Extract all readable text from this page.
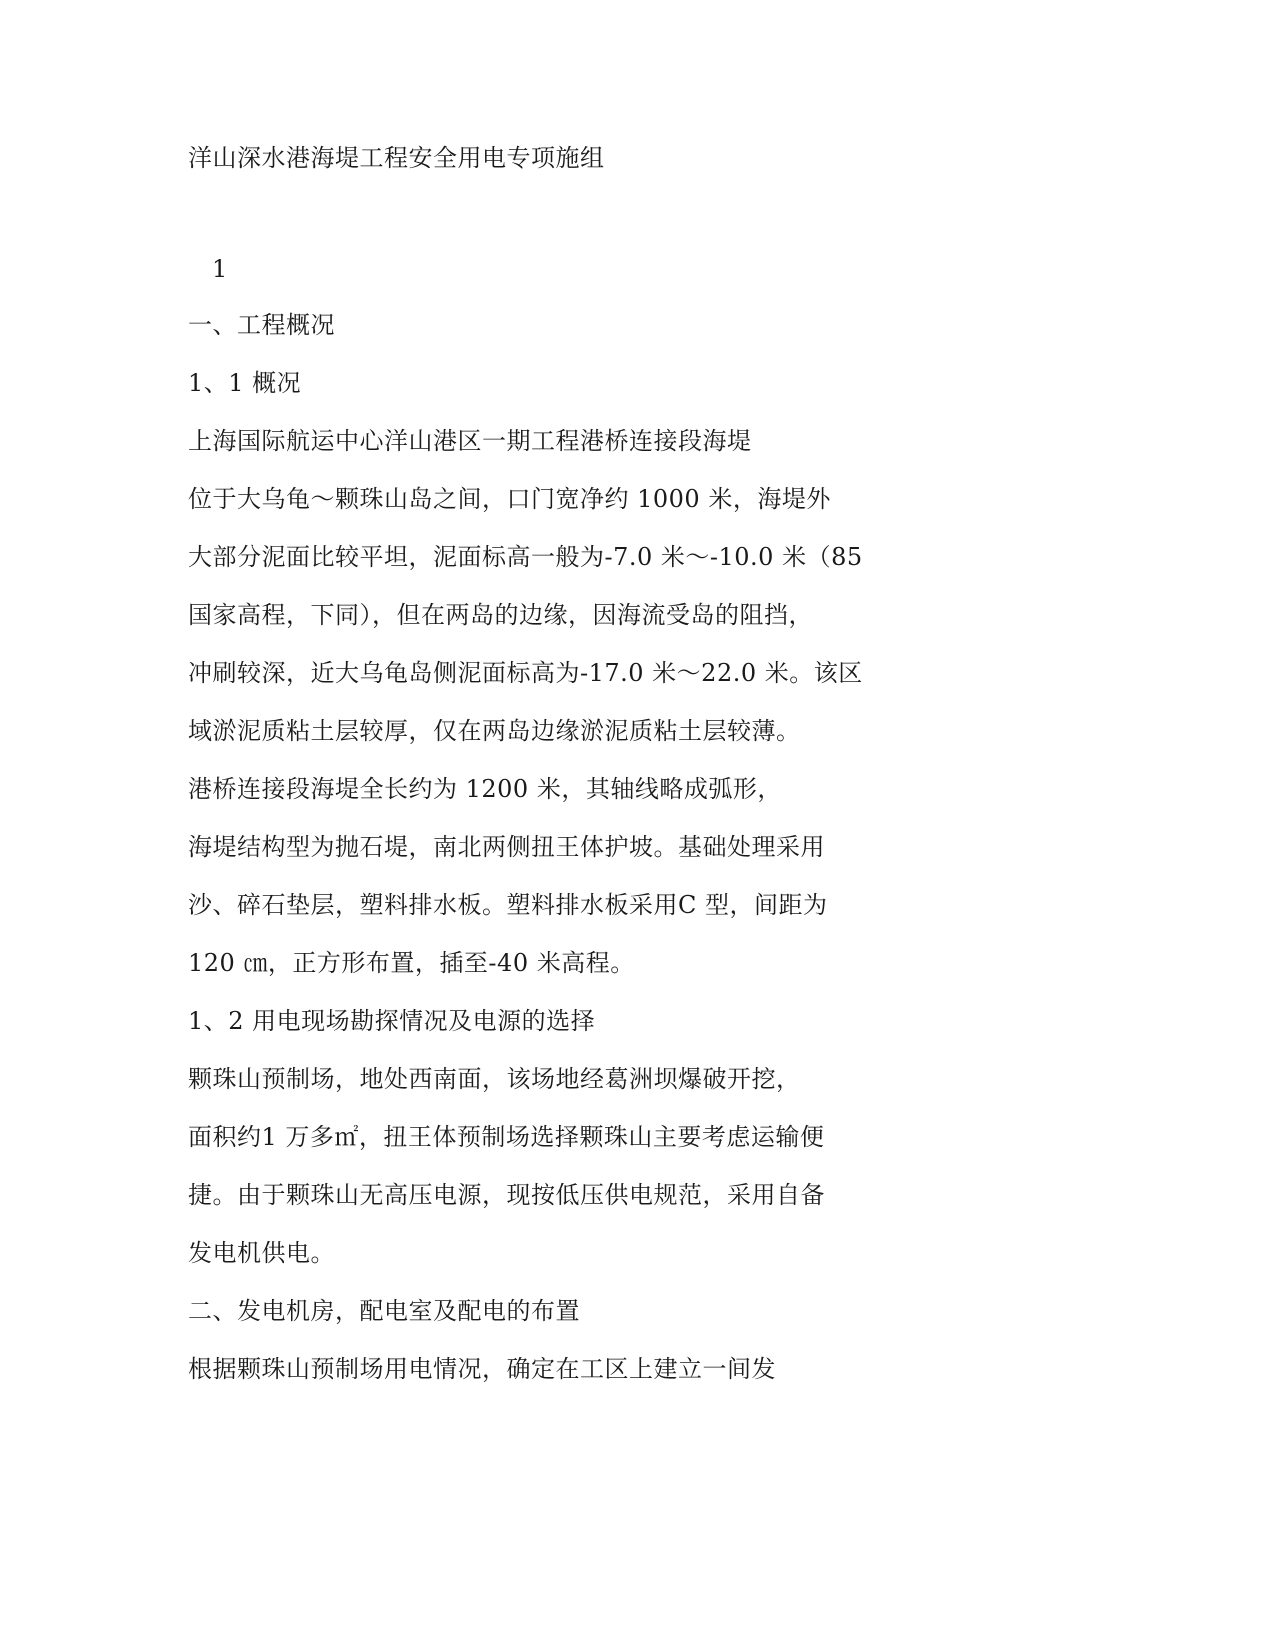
洋山深水港海堤工程安全用电专项施组
1
一、工程概况
1、1 概况
上海国际航运中心洋山港区一期工程港桥连接段海堤
位于大乌龟～颗珠山岛之间，口门宽净约 1000 米，海堤外
大部分泥面比较平坦，泥面标高一般为-7.0 米～-10.0 米（85
国家高程，下同），但在两岛的边缘，因海流受岛的阻挡，
冲刷较深，近大乌龟岛侧泥面标高为-17.0 米～22.0 米。该区
域淤泥质粘土层较厚，仅在两岛边缘淤泥质粘土层较薄。
港桥连接段海堤全长约为 1200 米，其轴线略成弧形，
海堤结构型为抛石堤，南北两侧扭王体护坡。基础处理采用
沙、碎石垫层，塑料排水板。塑料排水板采用C 型，间距为
120 ㎝，正方形布置，插至-40 米高程。
1、2 用电现场勘探情况及电源的选择
颗珠山预制场，地处西南面，该场地经葛洲坝爆破开挖，
面积约1 万多㎡，扭王体预制场选择颗珠山主要考虑运输便
捷。由于颗珠山无高压电源，现按低压供电规范，采用自备
发电机供电。
二、发电机房，配电室及配电的布置
根据颗珠山预制场用电情况，确定在工区上建立一间发
